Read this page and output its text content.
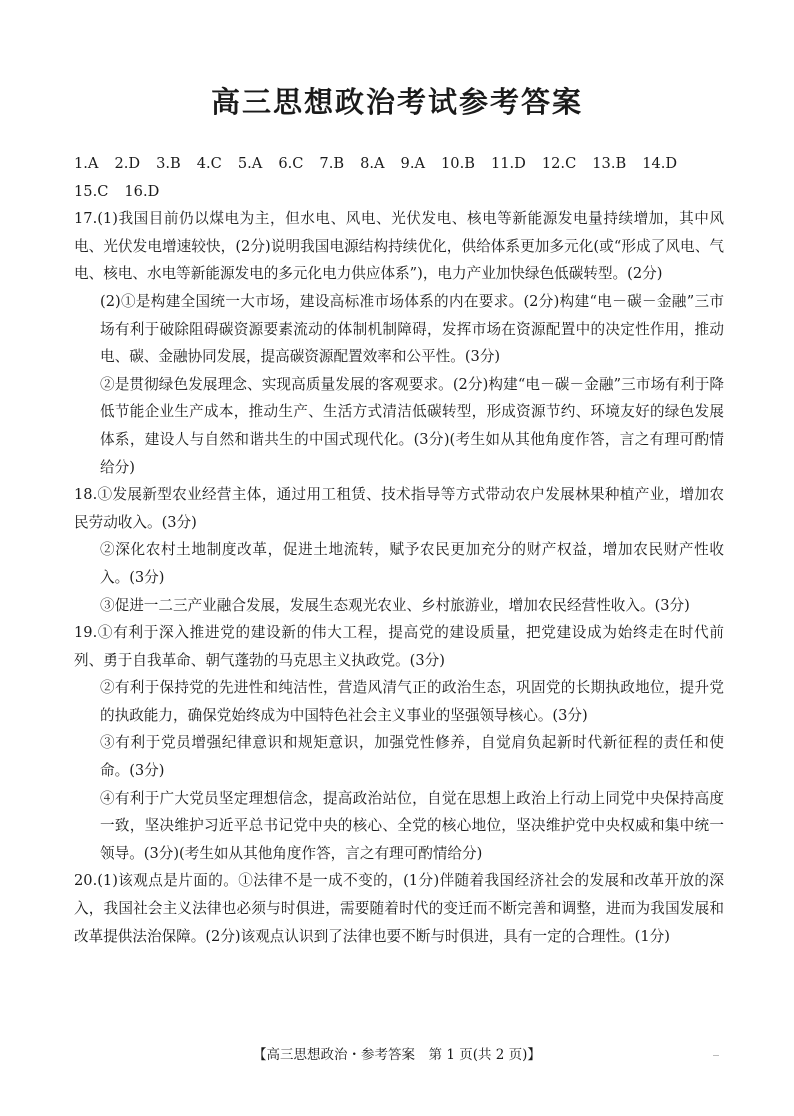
高三思想政治考试参考答案
1.A 2.D 3.B 4.C 5.A 6.C 7.B 8.A 9.A 10.B 11.D 12.C 13.B 14.D
15.C 16.D

17.(1)我国目前仍以煤电为主，但水电、风电、光伏发电、核电等新能源发电量持续增加，其中风电、光伏发电增速较快，(2分)说明我国电源结构持续优化，供给体系更加多元化(或“形成了风电、气电、核电、水电等新能源发电的多元化电力供应体系”)，电力产业加快绿色低碳转型。(2分)

(2)①是构建全国统一大市场，建设高标准市场体系的内在要求。(2分)构建“电－碳－金融”三市场有利于破除阻碍碳资源要素流动的体制机制障碍，发挥市场在资源配置中的决定性作用，推动电、碳、金融协同发展，提高碳资源配置效率和公平性。(3分)

②是贯彻绿色发展理念、实现高质量发展的客观要求。(2分)构建“电－碳－金融”三市场有利于降低节能企业生产成本，推动生产、生活方式清洁低碳转型，形成资源节约、环境友好的绿色发展体系，建设人与自然和谐共生的中国式现代化。(3分)(考生如从其他角度作答，言之有理可酌情给分)

18.①发展新型农业经营主体，通过用工租赁、技术指导等方式带动农户发展林果种植产业，增加农民劳动收入。(3分)

②深化农村土地制度改革，促进土地流转，赋予农民更加充分的财产权益，增加农民财产性收入。(3分)

③促进一二三产业融合发展，发展生态观光农业、乡村旅游业，增加农民经营性收入。(3分)

19.①有利于深入推进党的建设新的伟大工程，提高党的建设质量，把党建设成为始终走在时代前列、勇于自我革命、朝气蓬勃的马克思主义执政党。(3分)

②有利于保持党的先进性和纯洁性，营造风清气正的政治生态，巩固党的长期执政地位，提升党的执政能力，确保党始终成为中国特色社会主义事业的坚强领导核心。(3分)

③有利于党员增强纪律意识和规矩意识，加强党性修养，自觉肩负起新时代新征程的责任和使命。(3分)

④有利于广大党员坚定理想信念，提高政治站位，自觉在思想上政治上行动上同党中央保持高度一致，坚决维护习近平总书记党中央的核心、全党的核心地位，坚决维护党中央权威和集中统一领导。(3分)(考生如从其他角度作答，言之有理可酌情给分)

20.(1)该观点是片面的。①法律不是一成不变的，(1分)伴随着我国经济社会的发展和改革开放的深入，我国社会主义法律也必须与时俱进，需要随着时代的变迁而不断完善和调整，进而为我国发展和改革提供法治保障。(2分)该观点认识到了法律也要不断与时俱进，具有一定的合理性。(1分)

【高三思想政治・参考答案　第 1 页(共 2 页)】
